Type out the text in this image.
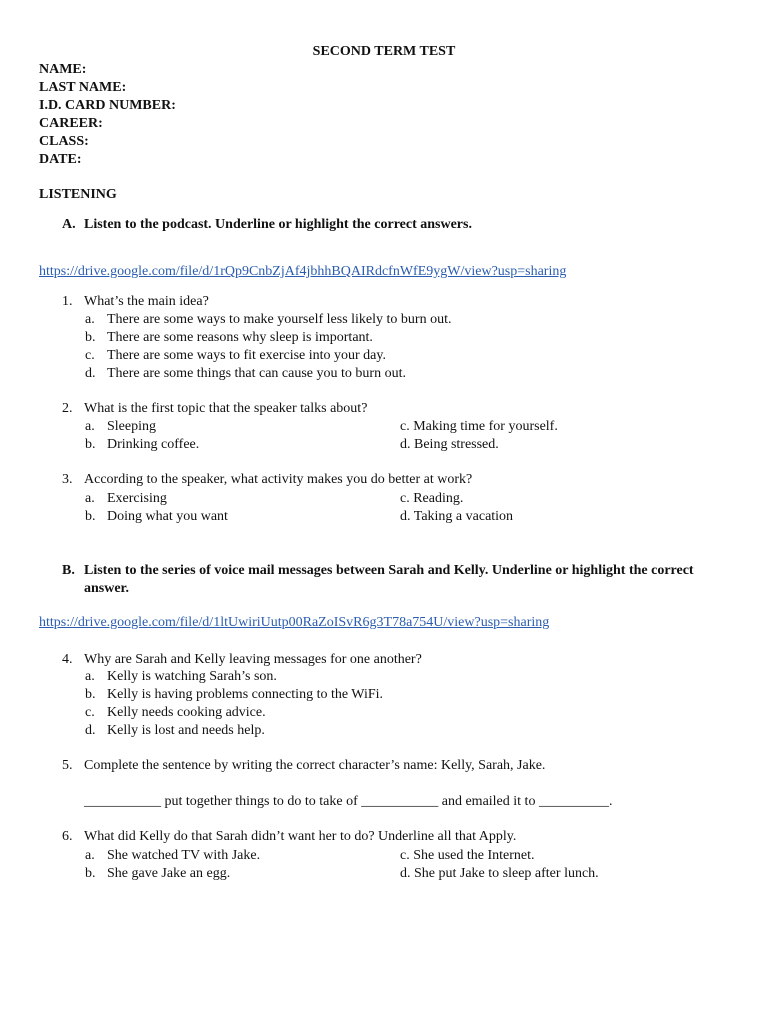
SECOND TERM TEST
NAME:
LAST NAME:
I.D. CARD NUMBER:
CAREER:
CLASS:
DATE:
LISTENING
A. Listen to the podcast. Underline or highlight the correct answers.
https://drive.google.com/file/d/1rQp9CnbZjAf4jbhhBQAIRdcfnWfE9ygW/view?usp=sharing
1. What’s the main idea?
a. There are some ways to make yourself less likely to burn out.
b. There are some reasons why sleep is important.
c. There are some ways to fit exercise into your day.
d. There are some things that can cause you to burn out.
2. What is the first topic that the speaker talks about?
a. Sleeping
b. Drinking coffee.
c. Making time for yourself.
d. Being stressed.
3. According to the speaker, what activity makes you do better at work?
a. Exercising
b. Doing what you want
c. Reading.
d. Taking a vacation
B. Listen to the series of voice mail messages between Sarah and Kelly. Underline or highlight the correct answer.
https://drive.google.com/file/d/1ltUwiriUutp00RaZoISvR6g3T78a754U/view?usp=sharing
4. Why are Sarah and Kelly leaving messages for one another?
a. Kelly is watching Sarah’s son.
b. Kelly is having problems connecting to the WiFi.
c. Kelly needs cooking advice.
d. Kelly is lost and needs help.
5. Complete the sentence by writing the correct character’s name: Kelly, Sarah, Jake.
___________ put together things to do to take of ___________ and emailed it to __________.
6. What did Kelly do that Sarah didn’t want her to do? Underline all that Apply.
a. She watched TV with Jake.
b. She gave Jake an egg.
c. She used the Internet.
d. She put Jake to sleep after lunch.
